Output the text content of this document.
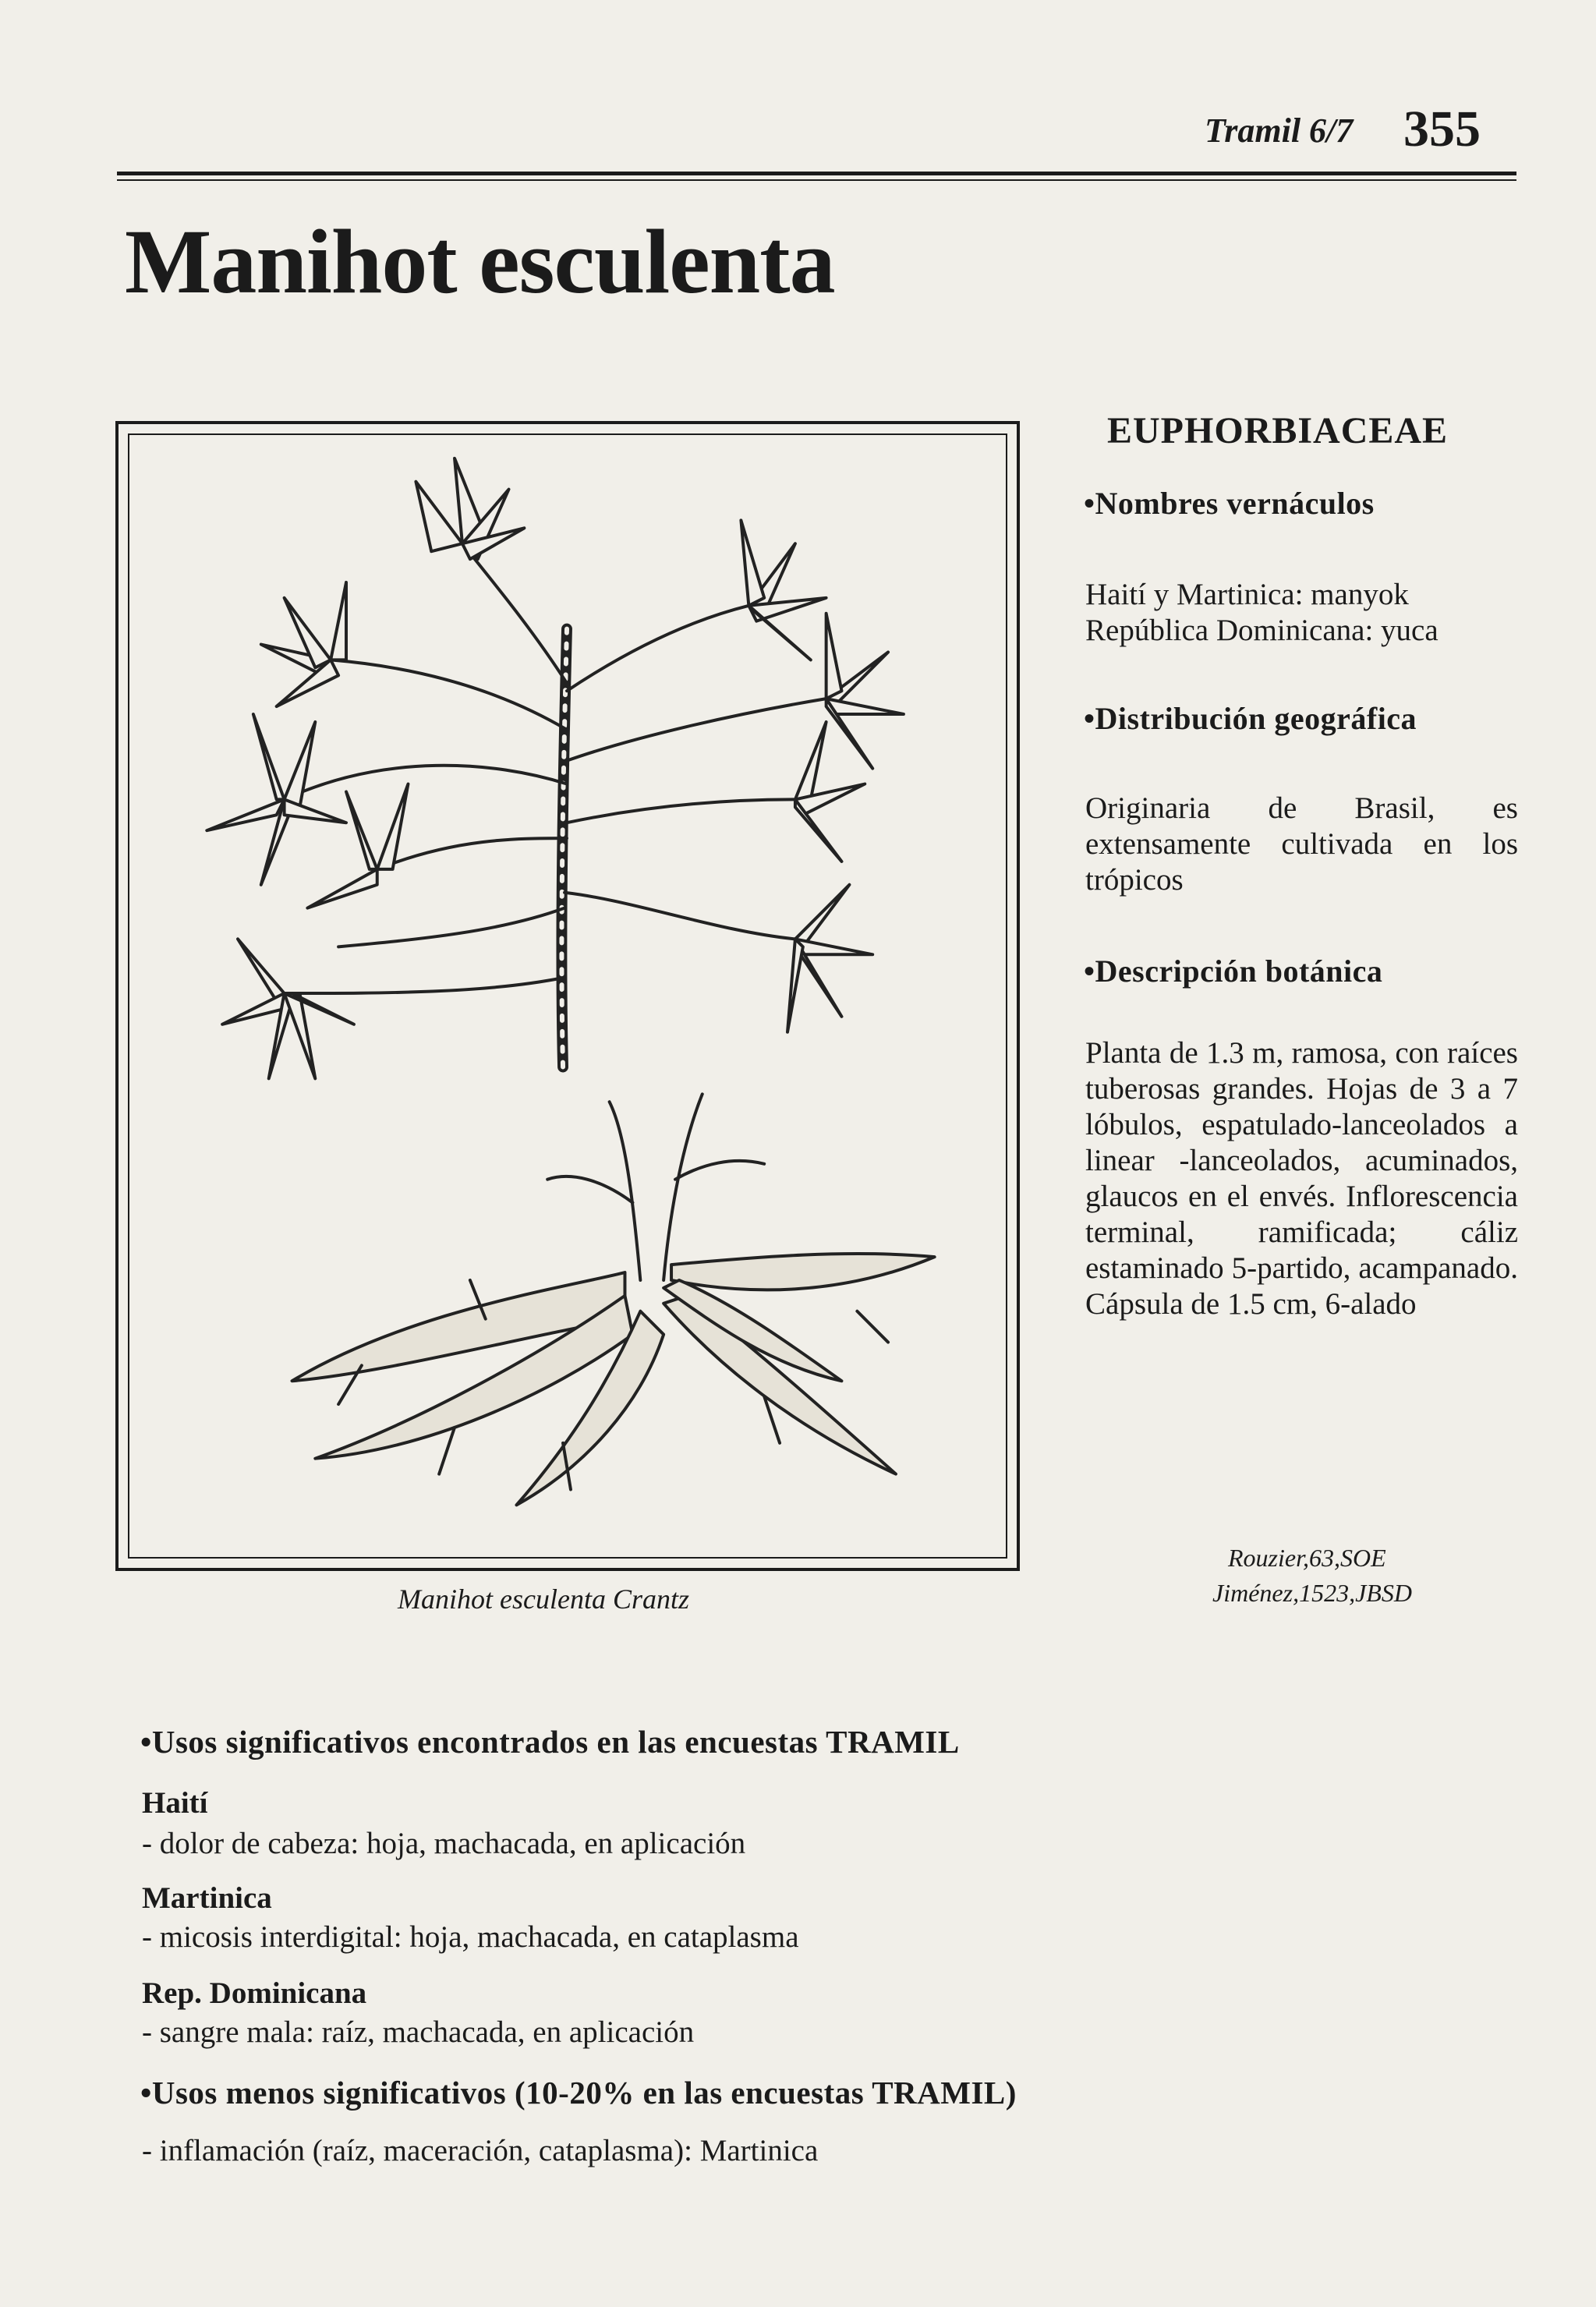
Tramil 6/7 355
Manihot esculenta
Manihot esculenta Crantz
Rouzier,63,SOE
Jiménez,1523,JBSD
EUPHORBIACEAE
•Nombres vernáculos
Haití y Martinica: manyok
República Dominicana: yuca
•Distribución geográfica
Originaria de Brasil, es extensamente cultivada en los trópicos
•Descripción botánica
Planta de 1.3 m, ramosa, con raíces tuberosas grandes. Hojas de 3 a 7 lóbulos, espatulado-lanceolados a linear -lanceolados, acuminados, glaucos en el envés. Inflorescencia terminal, ramificada; cáliz estaminado 5-partido, acampanado. Cápsula de 1.5 cm, 6-alado
•Usos significativos encontrados en las encuestas TRAMIL
Haití
- dolor de cabeza: hoja, machacada, en aplicación
Martinica
- micosis interdigital: hoja, machacada, en cataplasma
Rep. Dominicana
- sangre mala: raíz, machacada, en aplicación
•Usos menos significativos (10-20% en las encuestas TRAMIL)
- inflamación (raíz, maceración, cataplasma): Martinica
